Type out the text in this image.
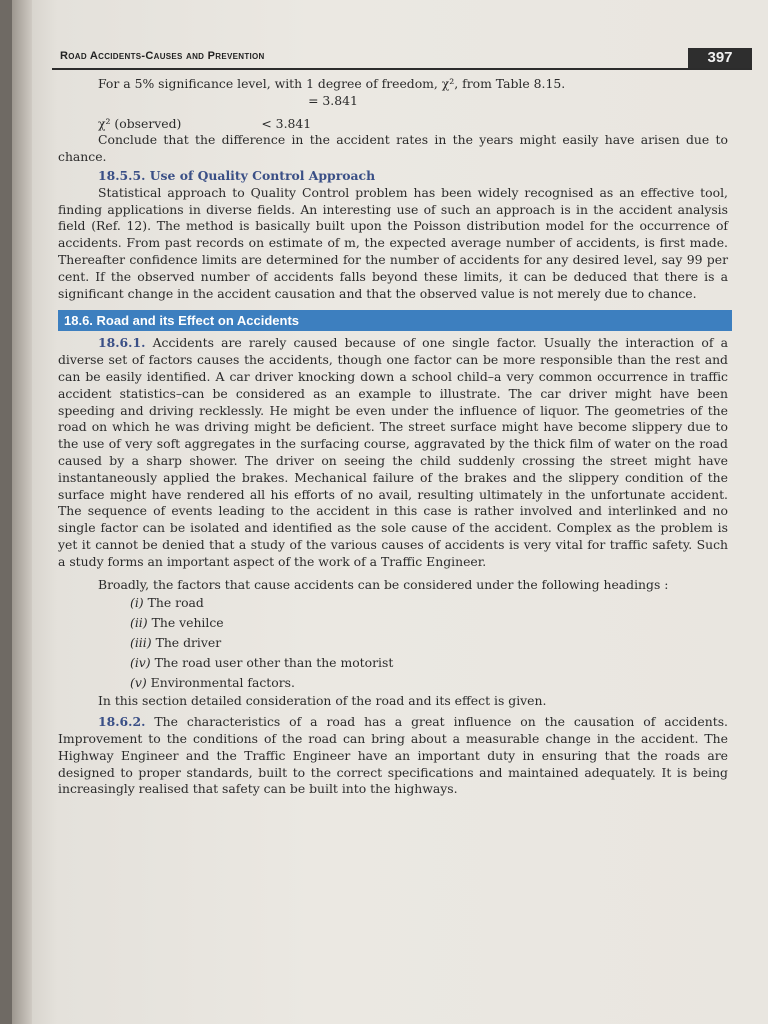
Road Accidents-Causes and Prevention	397

For a 5% significance level, with 1 degree of freedom, χ², from Table 8.15.

= 3.841

χ² (observed)	< 3.841

Conclude that the difference in the accident rates in the years might easily have arisen due to chance.

18.5.5. Use of Quality Control Approach

Statistical approach to Quality Control problem has been widely recognised as an effective tool, finding applications in diverse fields. An interesting use of such an approach is in the accident analysis field (Ref. 12). The method is basically built upon the Poisson distribution model for the occurrence of accidents. From past records on estimate of m, the expected average number of accidents, is first made. Thereafter confidence limits are determined for the number of accidents for any desired level, say 99 per cent. If the observed number of accidents falls beyond these limits, it can be deduced that there is a significant change in the accident causation and that the observed value is not merely due to chance.

18.6. Road and its Effect on Accidents

18.6.1. Accidents are rarely caused because of one single factor. Usually the interaction of a diverse set of factors causes the accidents, though one factor can be more responsible than the rest and can be easily identified. A car driver knocking down a school child–a very common occurrence in traffic accident statistics–can be considered as an example to illustrate. The car driver might have been speeding and driving recklessly. He might be even under the influence of liquor. The geometries of the road on which he was driving might be deficient. The street surface might have become slippery due to the use of very soft aggregates in the surfacing course, aggravated by the thick film of water on the road caused by a sharp shower. The driver on seeing the child suddenly crossing the street might have instantaneously applied the brakes. Mechanical failure of the brakes and the slippery condition of the surface might have rendered all his efforts of no avail, resulting ultimately in the unfortunate accident. The sequence of events leading to the accident in this case is rather involved and interlinked and no single factor can be isolated and identified as the sole cause of the accident. Complex as the problem is yet it cannot be denied that a study of the various causes of accidents is very vital for traffic safety. Such a study forms an important aspect of the work of a Traffic Engineer.

Broadly, the factors that cause accidents can be considered under the following headings :

(i) The road
(ii) The vehilce
(iii) The driver
(iv) The road user other than the motorist
(v) Environmental factors.

In this section detailed consideration of the road and its effect is given.

18.6.2. The characteristics of a road has a great influence on the causation of accidents. Improvement to the conditions of the road can bring about a measurable change in the accident. The Highway Engineer and the Traffic Engineer have an important duty in ensuring that the roads are designed to proper standards, built to the correct specifications and maintained adequately. It is being increasingly realised that safety can be built into the highways.
